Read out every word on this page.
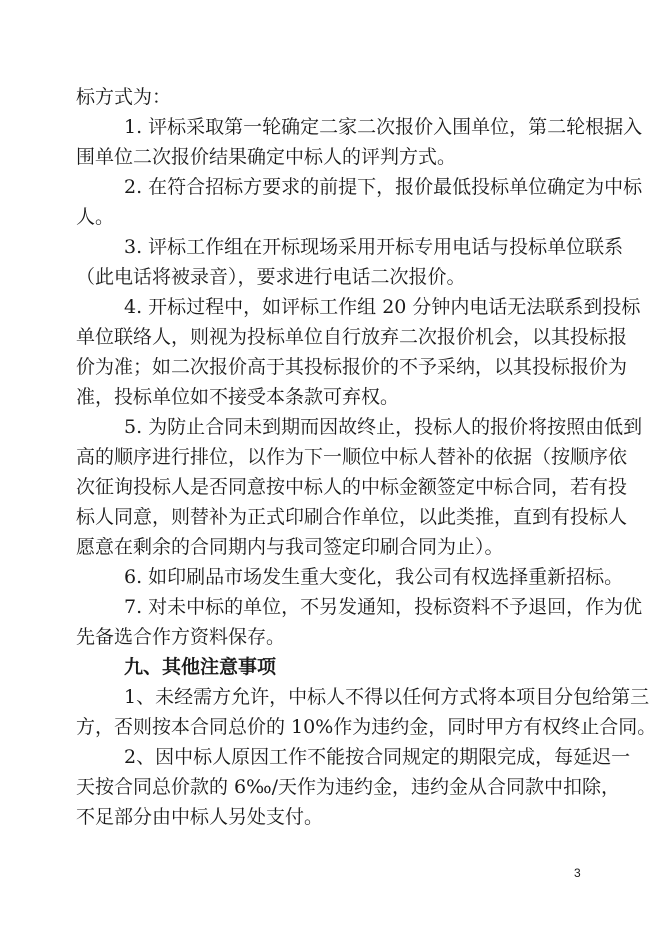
标方式为：
1. 评标采取第一轮确定二家二次报价入围单位，第二轮根据入
围单位二次报价结果确定中标人的评判方式。
2. 在符合招标方要求的前提下，报价最低投标单位确定为中标
人。
3. 评标工作组在开标现场采用开标专用电话与投标单位联系
（此电话将被录音），要求进行电话二次报价。
4. 开标过程中，如评标工作组 20 分钟内电话无法联系到投标
单位联络人，则视为投标单位自行放弃二次报价机会，以其投标报
价为准；如二次报价高于其投标报价的不予采纳，以其投标报价为
准，投标单位如不接受本条款可弃权。
5. 为防止合同未到期而因故终止，投标人的报价将按照由低到
高的顺序进行排位，以作为下一顺位中标人替补的依据（按顺序依
次征询投标人是否同意按中标人的中标金额签定中标合同，若有投
标人同意，则替补为正式印刷合作单位，以此类推，直到有投标人
愿意在剩余的合同期内与我司签定印刷合同为止）。
6. 如印刷品市场发生重大变化，我公司有权选择重新招标。
7. 对未中标的单位，不另发通知，投标资料不予退回，作为优
先备选合作方资料保存。
九、其他注意事项
1、未经需方允许，中标人不得以任何方式将本项目分包给第三
方，否则按本合同总价的 10%作为违约金，同时甲方有权终止合同。
2、因中标人原因工作不能按合同规定的期限完成，每延迟一
天按合同总价款的 6‰/天作为违约金，违约金从合同款中扣除，
不足部分由中标人另处支付。
3
